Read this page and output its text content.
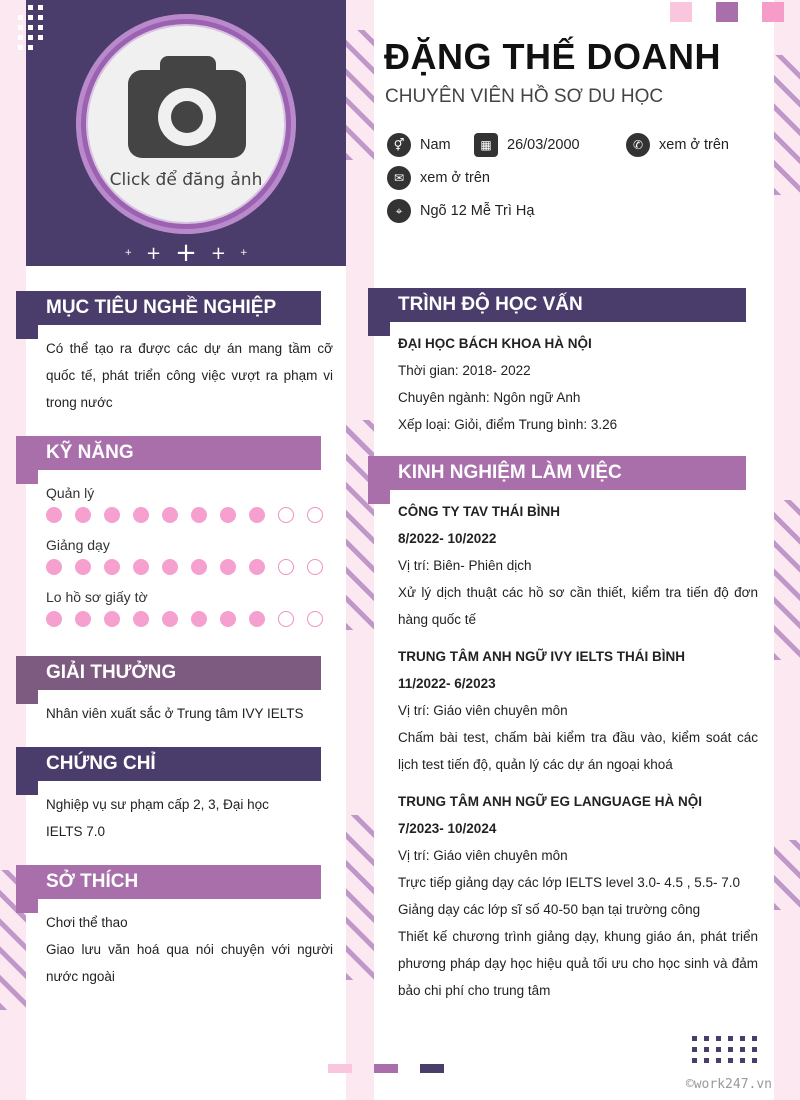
Click để đăng ảnh
+ + + + +
ĐẶNG THẾ DOANH
CHUYÊN VIÊN HỒ SƠ DU HỌC
⚥	Nam	▦	26/03/2000	✆	xem ở trên
✉	xem ở trên
⌖	Ngõ 12 Mễ Trì Hạ
MỤC TIÊU NGHỀ NGHIỆP
Có thể tạo ra được các dự án mang tầm cỡ quốc tế, phát triển công việc vượt ra phạm vi trong nước
KỸ NĂNG
Quản lý
Giảng dạy
Lo hồ sơ giấy tờ
GIẢI THƯỞNG
Nhân viên xuất sắc ở Trung tâm IVY IELTS
CHỨNG CHỈ
Nghiệp vụ sư phạm cấp 2, 3, Đại học
IELTS 7.0
SỞ THÍCH
Chơi thể thao
Giao lưu văn hoá qua nói chuyện với người nước ngoài
TRÌNH ĐỘ HỌC VẤN
ĐẠI HỌC BÁCH KHOA HÀ NỘI
Thời gian: 2018- 2022
Chuyên ngành: Ngôn ngữ Anh
Xếp loại: Giỏi, điểm Trung bình: 3.26
KINH NGHIỆM LÀM VIỆC
CÔNG TY TAV THÁI BÌNH
8/2022- 10/2022
Vị trí: Biên- Phiên dịch
Xử lý dịch thuật các hồ sơ cần thiết, kiểm tra tiến độ đơn hàng quốc tế
TRUNG TÂM ANH NGỮ IVY IELTS THÁI BÌNH
11/2022- 6/2023
Vị trí: Giáo viên chuyên môn
Chấm bài test, chấm bài kiểm tra đầu vào, kiểm soát các lịch test tiến độ, quản lý các dự án ngoại khoá
TRUNG TÂM ANH NGỮ EG LANGUAGE HÀ NỘI
7/2023- 10/2024
Vị trí: Giáo viên chuyên môn
Trực tiếp giảng dạy các lớp IELTS level 3.0- 4.5 , 5.5- 7.0
Giảng dạy các lớp sĩ số 40-50 bạn tại trường công
Thiết kế chương trình giảng dạy, khung giáo án, phát triển phương pháp dạy học hiệu quả tối ưu cho học sinh và đảm bảo chi phí cho trung tâm
©work247.vn
